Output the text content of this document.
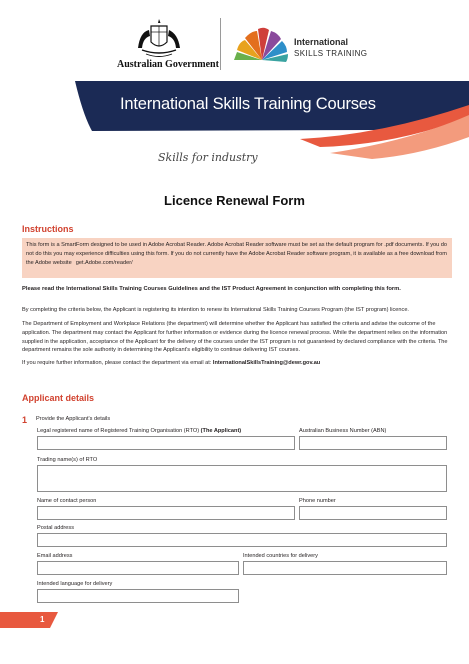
Australian Government
International
SKILLS TRAINING
International Skills Training Courses
Skills for industry
Licence Renewal Form
Instructions
This form is a SmartForm designed to be used in Adobe Acrobat Reader. Adobe Acrobat Reader software must be set as the default program for .pdf documents. If you do not do this you may experience difficulties using this form. If you do not currently have the Adobe Acrobat Reader software program, it is available as a free download from the Adobe website get.Adobe.com/reader/
Please read the International Skills Training Courses Guidelines and the IST Product Agreement in conjunction with completing this form.
By completing the criteria below, the Applicant is registering its intention to renew its International Skills Training Courses Program (the IST program) licence.
The Department of Employment and Workplace Relations (the department) will determine whether the Applicant has satisfied the criteria and advise the outcome of the application. The department may contact the Applicant for further information or evidence during the licence renewal process. While the department relies on the information supplied in the application, acceptance of the Applicant for the delivery of the courses under the IST program is not guaranteed by declared compliance with the criteria. The department remains the sole authority in determining the Applicant's eligibility to continue delivering IST courses.
If you require further information, please contact the department via email at: InternationalSkillsTraining@dewr.gov.au
Applicant details
1 Provide the Applicant's details
Legal registered name of Registered Training Organisation (RTO) (The Applicant)	Australian Business Number (ABN)
Trading name(s) of RTO
Name of contact person	Phone number
Postal address
Email address	Intended countries for delivery
Intended language for delivery
1
